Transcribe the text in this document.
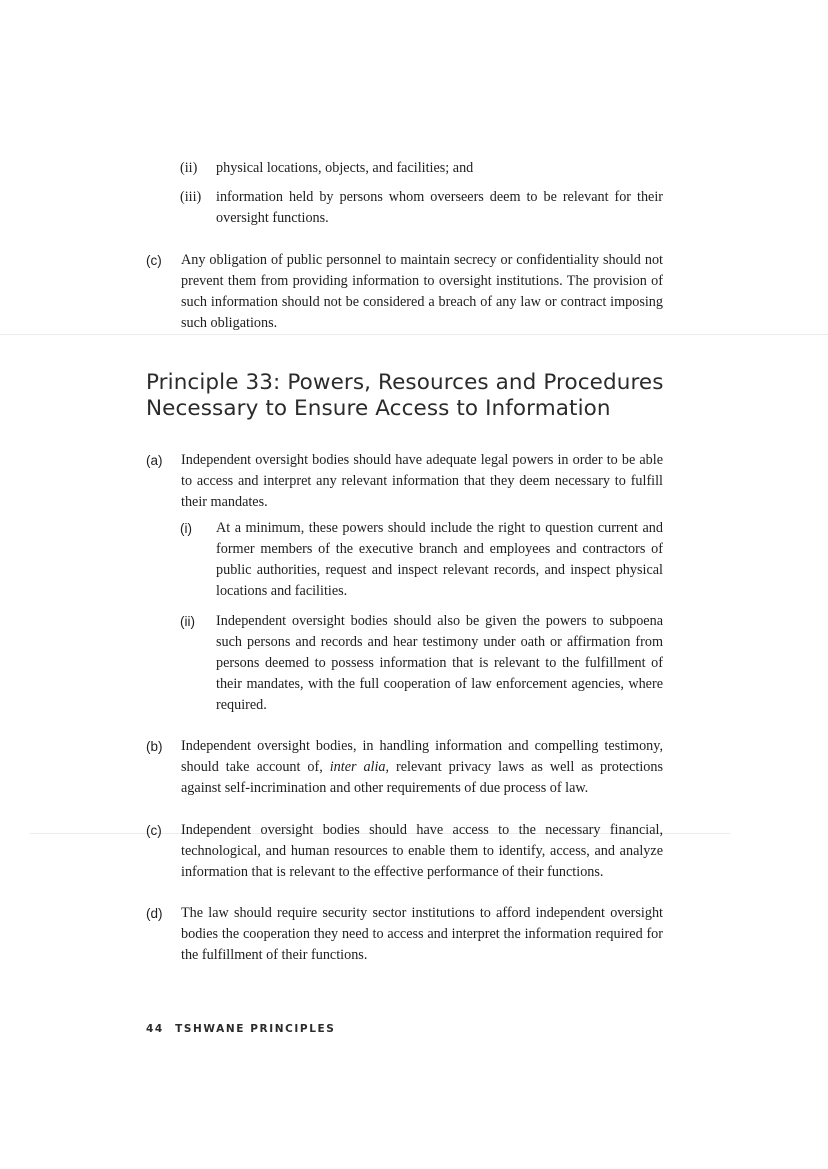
(ii) physical locations, objects, and facilities; and
(iii) information held by persons whom overseers deem to be relevant for their oversight functions.
(c) Any obligation of public personnel to maintain secrecy or confidentiality should not prevent them from providing information to oversight institutions. The provision of such information should not be considered a breach of any law or contract imposing such obligations.
Principle 33: Powers, Resources and Procedures
Necessary to Ensure Access to Information
(a) Independent oversight bodies should have adequate legal powers in order to be able to access and interpret any relevant information that they deem necessary to fulfill their mandates.
(i) At a minimum, these powers should include the right to question current and former members of the executive branch and employees and contractors of public authorities, request and inspect relevant records, and inspect physical locations and facilities.
(ii) Independent oversight bodies should also be given the powers to subpoena such persons and records and hear testimony under oath or affirmation from persons deemed to possess information that is relevant to the fulfillment of their mandates, with the full cooperation of law enforcement agencies, where required.
(b) Independent oversight bodies, in handling information and compelling testimony, should take account of, inter alia, relevant privacy laws as well as protections against self-incrimination and other requirements of due process of law.
(c) Independent oversight bodies should have access to the necessary financial, technological, and human resources to enable them to identify, access, and analyze information that is relevant to the effective performance of their functions.
(d) The law should require security sector institutions to afford independent oversight bodies the cooperation they need to access and interpret the information required for the fulfillment of their functions.
44 TSHWANE PRINCIPLES
